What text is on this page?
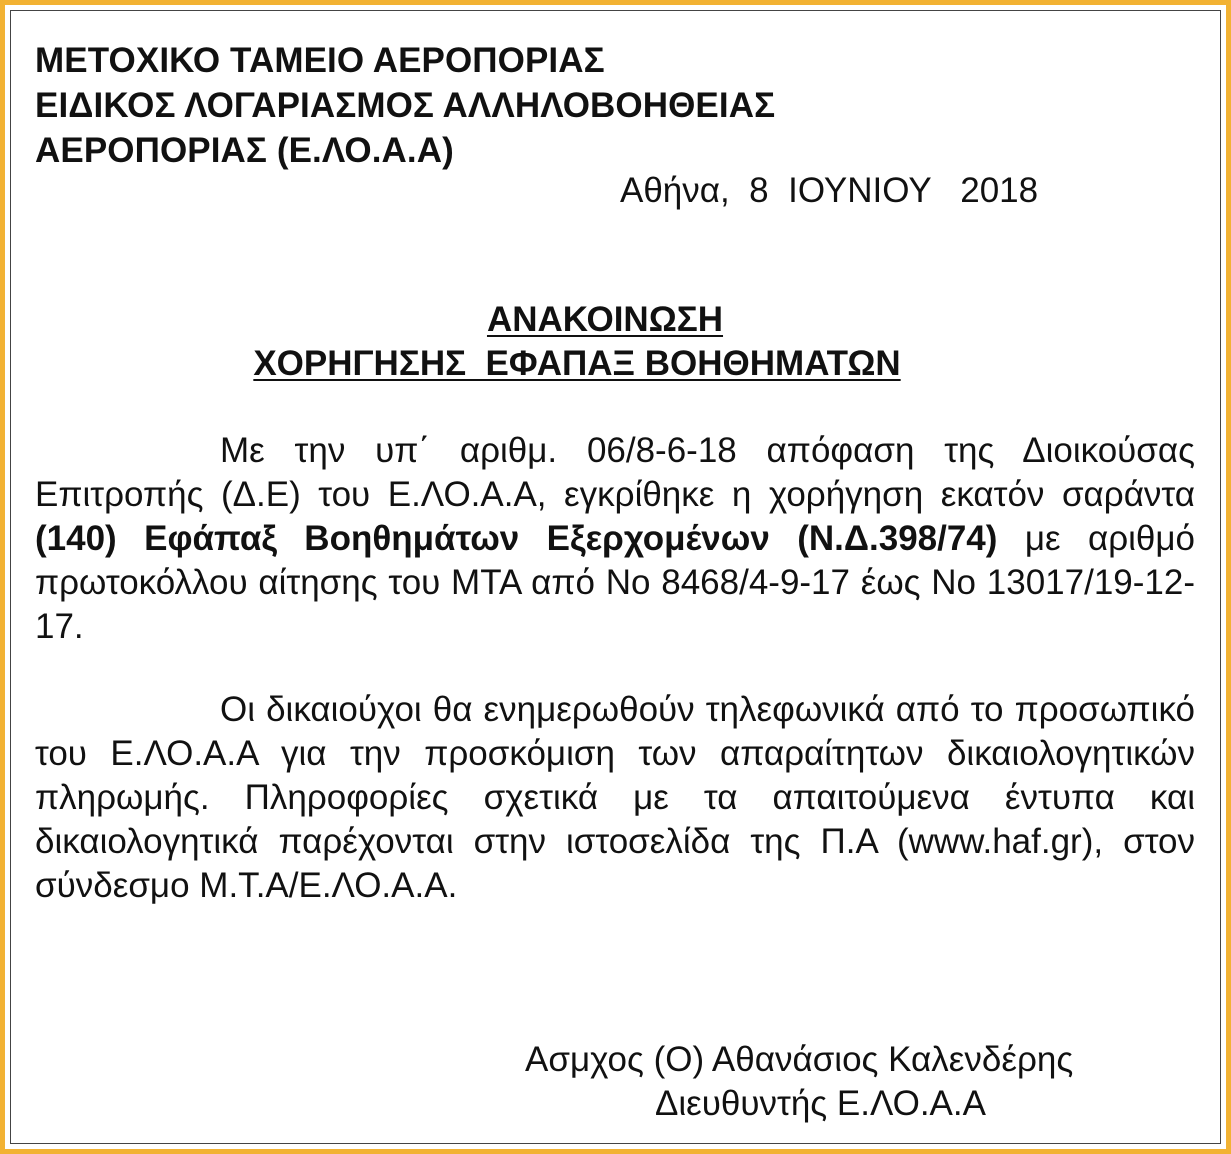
ΜΕΤΟΧΙΚΟ ΤΑΜΕΙΟ ΑΕΡΟΠΟΡΙΑΣ
ΕΙΔΙΚΟΣ ΛΟΓΑΡΙΑΣΜΟΣ ΑΛΛΗΛΟΒΟΗΘΕΙΑΣ
ΑΕΡΟΠΟΡΙΑΣ (Ε.ΛΟ.Α.Α)
Αθήνα,  8  ΙΟΥΝΙΟΥ   2018
ΑΝΑΚΟΙΝΩΣΗ
ΧΟΡΗΓΗΣΗΣ  ΕΦΑΠΑΞ ΒΟΗΘΗΜΑΤΩΝ
Με την υπ΄ αριθμ. 06/8-6-18 απόφαση της Διοικούσας Επιτροπής (Δ.Ε) του Ε.ΛΟ.Α.Α, εγκρίθηκε η χορήγηση εκατόν σαράντα (140) Εφάπαξ Βοηθημάτων Εξερχομένων (Ν.Δ.398/74) με αριθμό πρωτοκόλλου αίτησης του ΜΤΑ από Νο 8468/4-9-17 έως Νο 13017/19-12-17.
Οι δικαιούχοι θα ενημερωθούν τηλεφωνικά από το προσωπικό του Ε.ΛΟ.Α.Α για την προσκόμιση των απαραίτητων δικαιολογητικών πληρωμής. Πληροφορίες σχετικά με τα απαιτούμενα έντυπα και δικαιολογητικά παρέχονται στην ιστοσελίδα της Π.Α (www.haf.gr), στον σύνδεσμο Μ.Τ.Α/Ε.ΛΟ.Α.Α.
Ασμχος (Ο) Αθανάσιος Καλενδέρης
Διευθυντής Ε.ΛΟ.Α.Α
